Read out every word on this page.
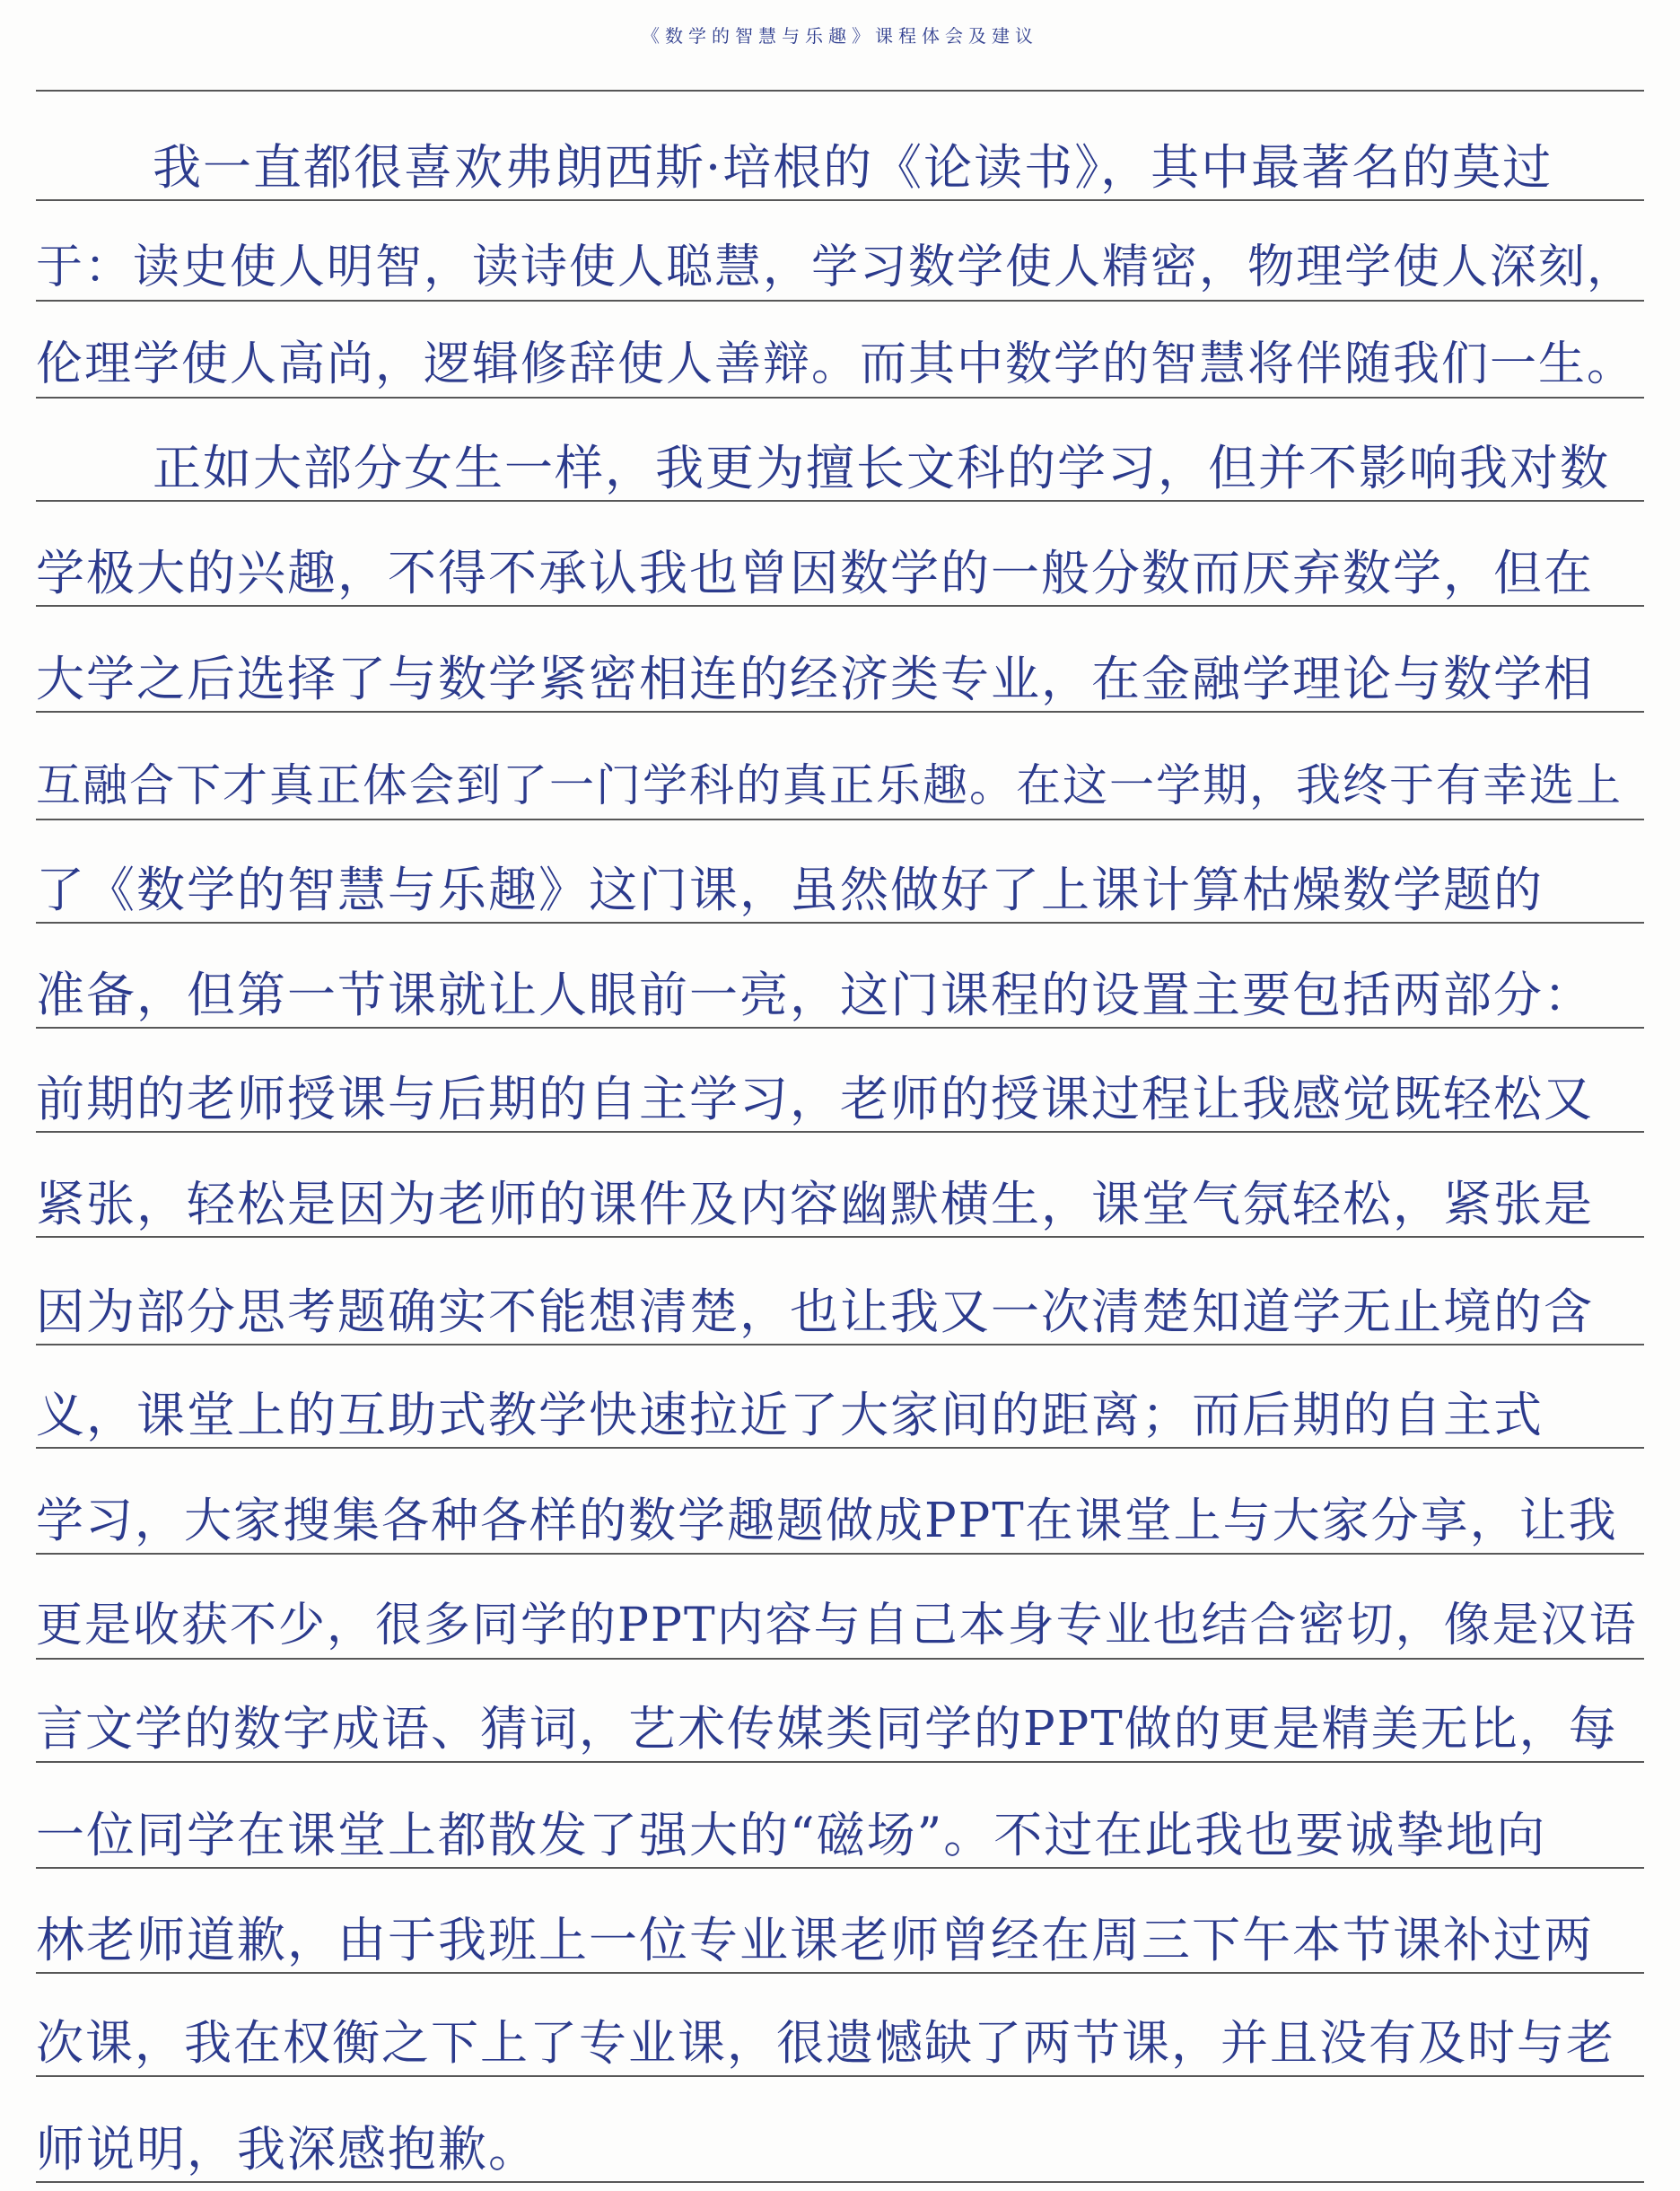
《数学的智慧与乐趣》课程体会及建议
我一直都很喜欢弗朗西斯·培根的《论读书》，其中最著名的莫过
于：读史使人明智，读诗使人聪慧，学习数学使人精密，物理学使人深刻，
伦理学使人高尚，逻辑修辞使人善辩。而其中数学的智慧将伴随我们一生。
正如大部分女生一样，我更为擅长文科的学习，但并不影响我对数
学极大的兴趣，不得不承认我也曾因数学的一般分数而厌弃数学，但在
大学之后选择了与数学紧密相连的经济类专业，在金融学理论与数学相
互融合下才真正体会到了一门学科的真正乐趣。在这一学期，我终于有幸选上
了《数学的智慧与乐趣》这门课，虽然做好了上课计算枯燥数学题的
准备，但第一节课就让人眼前一亮，这门课程的设置主要包括两部分：
前期的老师授课与后期的自主学习，老师的授课过程让我感觉既轻松又
紧张，轻松是因为老师的课件及内容幽默横生，课堂气氛轻松，紧张是
因为部分思考题确实不能想清楚，也让我又一次清楚知道学无止境的含
义，课堂上的互助式教学快速拉近了大家间的距离；而后期的自主式
学习，大家搜集各种各样的数学趣题做成PPT在课堂上与大家分享，让我
更是收获不少，很多同学的PPT内容与自己本身专业也结合密切，像是汉语
言文学的数字成语、猜词，艺术传媒类同学的PPT做的更是精美无比，每
一位同学在课堂上都散发了强大的“磁场”。不过在此我也要诚挚地向
林老师道歉，由于我班上一位专业课老师曾经在周三下午本节课补过两
次课，我在权衡之下上了专业课，很遗憾缺了两节课，并且没有及时与老
师说明，我深感抱歉。
